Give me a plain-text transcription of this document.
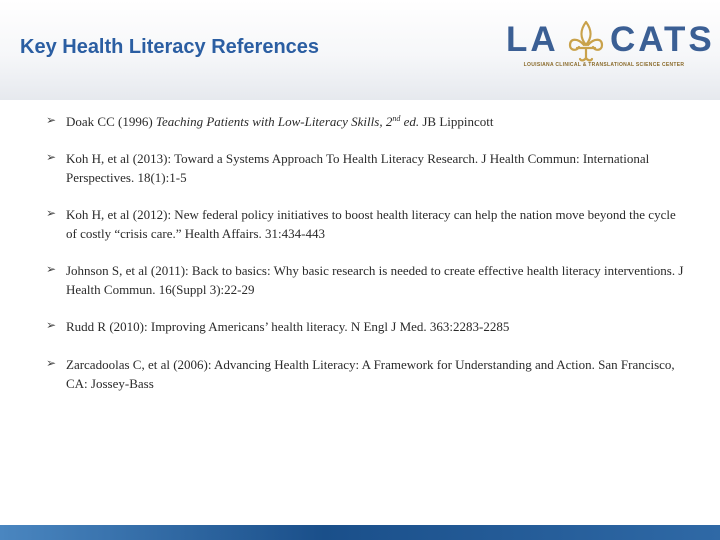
Key Health Literacy References	LA CATS
LOUISIANA CLINICAL & TRANSLATIONAL SCIENCE CENTER
➢ Doak CC (1996) Teaching Patients with Low-Literacy Skills, 2nd ed. JB Lippincott
➢ Koh H, et al (2013): Toward a Systems Approach To Health Literacy Research. J Health Commun: International Perspectives. 18(1):1-5
➢ Koh H, et al (2012): New federal policy initiatives to boost health literacy can help the nation move beyond the cycle of costly “crisis care.” Health Affairs. 31:434-443
➢ Johnson S, et al (2011): Back to basics: Why basic research is needed to create effective health literacy interventions. J Health Commun. 16(Suppl 3):22-29
➢ Rudd R (2010): Improving Americans’ health literacy. N Engl J Med. 363:2283-2285
➢ Zarcadoolas C, et al (2006): Advancing Health Literacy: A Framework for Understanding and Action. San Francisco, CA: Jossey-Bass
